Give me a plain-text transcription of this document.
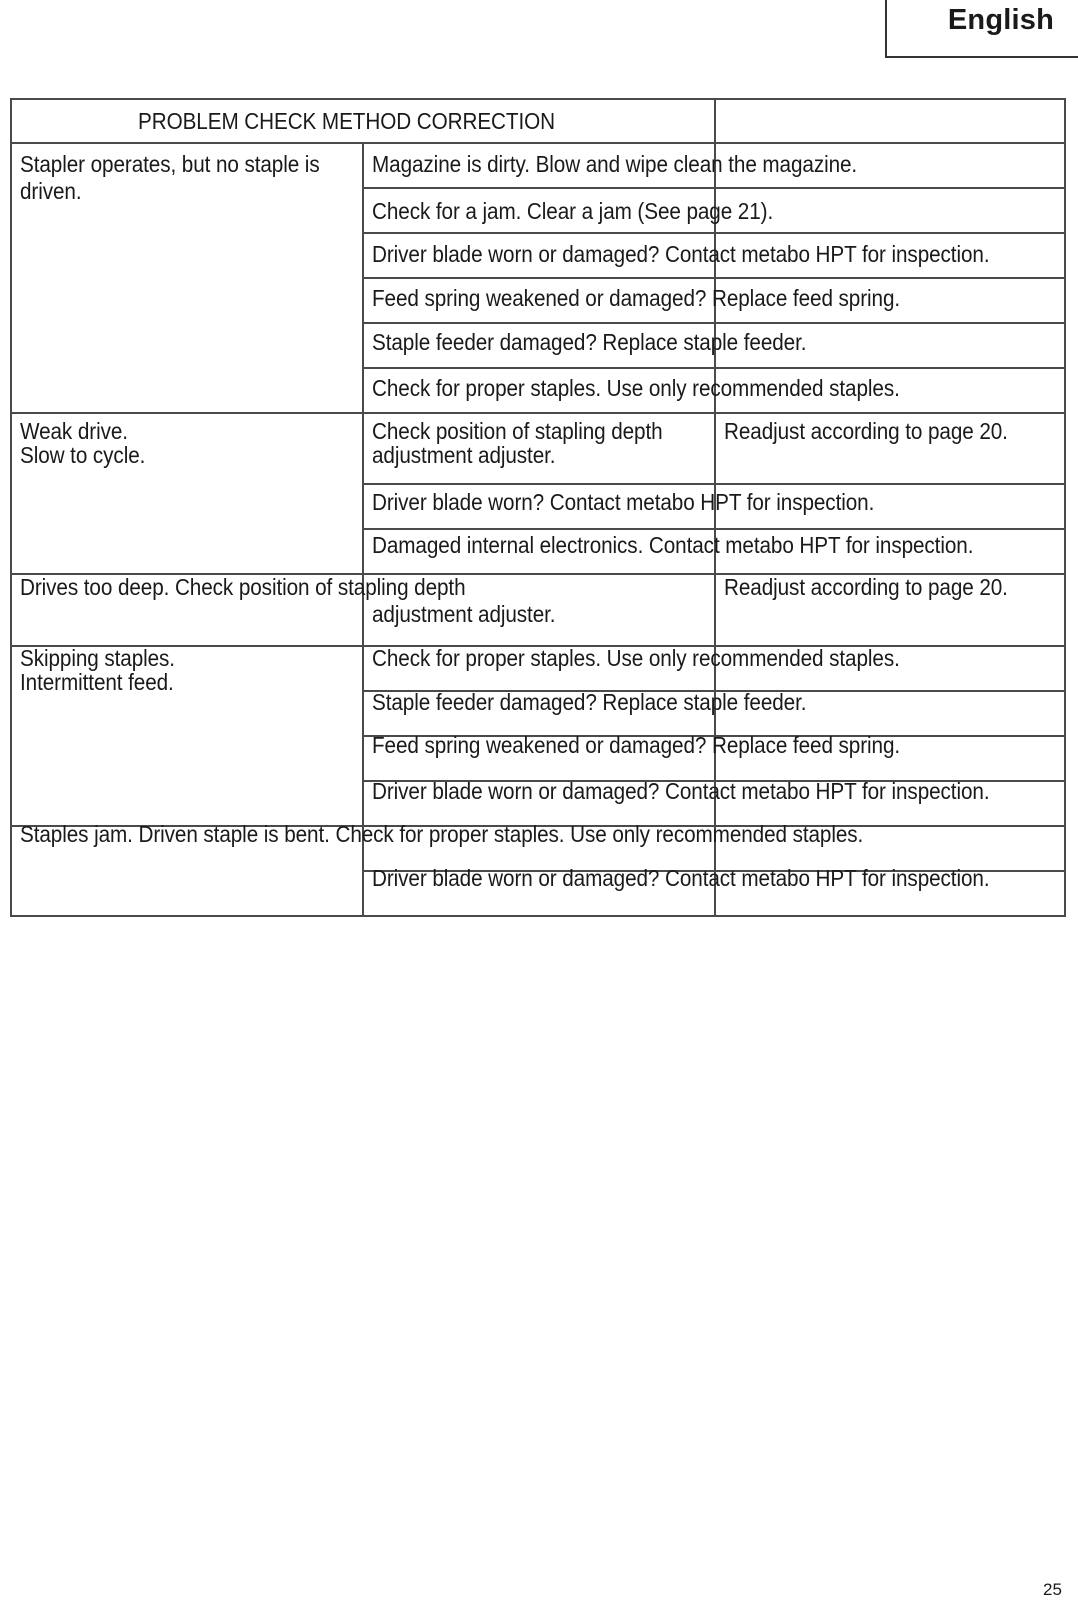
English
PROBLEM CHECK METHOD CORRECTION
Stapler operates, but no staple is
driven.
Magazine is dirty. Blow and wipe clean the magazine.
Check for a jam. Clear a jam (See page 21).
Driver blade worn or damaged? Contact metabo HPT for inspection.
Feed spring weakened or damaged? Replace feed spring.
Staple feeder damaged? Replace staple feeder.
Check for proper staples. Use only recommended staples.
Weak drive.
Slow to cycle.
Check position of stapling depth
adjustment adjuster.
Readjust according to page 20.
Driver blade worn? Contact metabo HPT for inspection.
Damaged internal electronics. Contact metabo HPT for inspection.
Drives too deep. Check position of stapling depth
adjustment adjuster.
Readjust according to page 20.
Skipping staples.
Intermittent feed.
Check for proper staples. Use only recommended staples.
Staple feeder damaged? Replace staple feeder.
Feed spring weakened or damaged? Replace feed spring.
Driver blade worn or damaged? Contact metabo HPT for inspection.
Staples jam. Driven staple is bent. Check for proper staples. Use only recommended staples.
Driver blade worn or damaged? Contact metabo HPT for inspection.
25
